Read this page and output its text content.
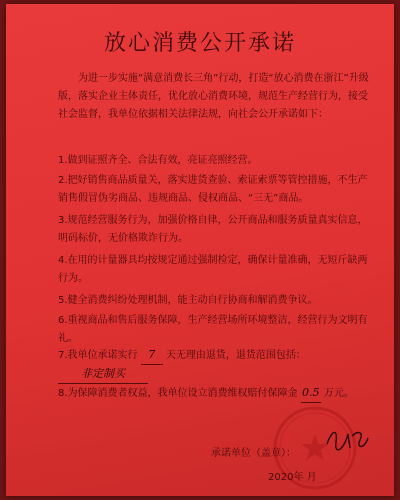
放心消费公开承诺
为进一步实施“满意消费长三角”行动，打造“放心消费在浙江”升级版，落实企业主体责任，优化放心消费环境，规范生产经营行为，接受社会监督，我单位依据相关法律法规，向社会公开承诺如下：
1.做到证照齐全、合法有效，亮证亮照经营。
2.把好销售商品质量关，落实进货查验、索证索票等管控措施，不生产销售假冒伪劣商品、违规商品、侵权商品、“三无”商品。
3.规范经营服务行为，加强价格自律，公开商品和服务质量真实信息，明码标价，无价格欺诈行为。
4.在用的计量器具均按规定通过强制检定，确保计量准确，无短斤缺两行为。
5.健全消费纠纷处理机制，能主动自行协商和解消费争议。
6.重视商品和售后服务保障，生产经营场所环境整洁，经营行为文明有礼。
7.我单位承诺实行 7 天无理由退货，退货范围包括： 非定制买
8.为保障消费者权益，我单位设立消费维权赔付保障金 0.5 万元。
承诺单位（盖章）：
2020年 月
